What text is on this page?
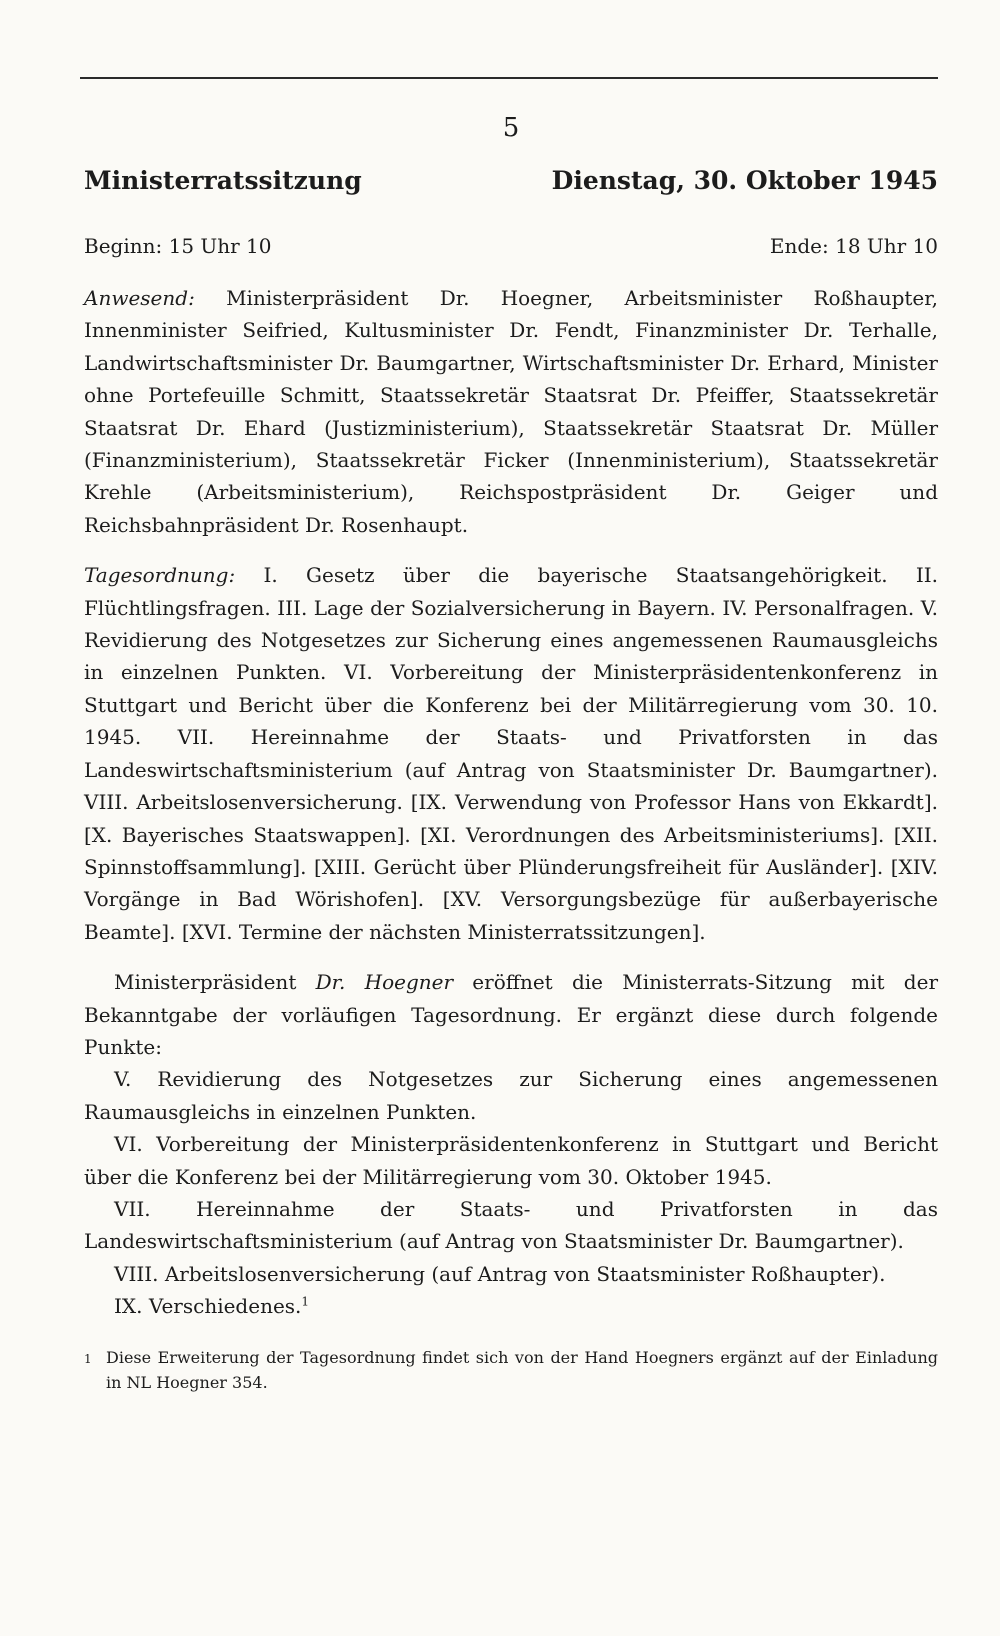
5
Ministerratssitzung	Dienstag, 30. Oktober 1945
Beginn: 15 Uhr 10	Ende: 18 Uhr 10

Anwesend: Ministerpräsident Dr. Hoegner, Arbeitsminister Roßhaupter, Innenminister Seifried, Kultusminister Dr. Fendt, Finanzminister Dr. Terhalle, Landwirtschaftsminister Dr. Baumgartner, Wirtschaftsminister Dr. Erhard, Minister ohne Portefeuille Schmitt, Staatssekretär Staatsrat Dr. Pfeiffer, Staatssekretär Staatsrat Dr. Ehard (Justizministerium), Staatssekretär Staatsrat Dr. Müller (Finanzministerium), Staatssekretär Ficker (Innenministerium), Staatssekretär Krehle (Arbeitsministerium), Reichspostpräsident Dr. Geiger und Reichsbahnpräsident Dr. Rosenhaupt.

Tagesordnung: I. Gesetz über die bayerische Staatsangehörigkeit. II. Flüchtlingsfragen. III. Lage der Sozialversicherung in Bayern. IV. Personalfragen. V. Revidierung des Notgesetzes zur Sicherung eines angemessenen Raumausgleichs in einzelnen Punkten. VI. Vorbereitung der Ministerpräsidentenkonferenz in Stuttgart und Bericht über die Konferenz bei der Militärregierung vom 30. 10. 1945. VII. Hereinnahme der Staats- und Privatforsten in das Landeswirtschaftsministerium (auf Antrag von Staatsminister Dr. Baumgartner). VIII. Arbeitslosenversicherung. [IX. Verwendung von Professor Hans von Ekkardt]. [X. Bayerisches Staatswappen]. [XI. Verordnungen des Arbeitsministeriums]. [XII. Spinnstoffsammlung]. [XIII. Gerücht über Plünderungsfreiheit für Ausländer]. [XIV. Vorgänge in Bad Wörishofen]. [XV. Versorgungsbezüge für außerbayerische Beamte]. [XVI. Termine der nächsten Ministerratssitzungen].

Ministerpräsident Dr. Hoegner eröffnet die Ministerrats-Sitzung mit der Bekanntgabe der vorläufigen Tagesordnung. Er ergänzt diese durch folgende Punkte:

V. Revidierung des Notgesetzes zur Sicherung eines angemessenen Raumausgleichs in einzelnen Punkten.

VI. Vorbereitung der Ministerpräsidentenkonferenz in Stuttgart und Bericht über die Konferenz bei der Militärregierung vom 30. Oktober 1945.

VII. Hereinnahme der Staats- und Privatforsten in das Landeswirtschaftsministerium (auf Antrag von Staatsminister Dr. Baumgartner).

VIII. Arbeitslosenversicherung (auf Antrag von Staatsminister Roßhaupter).

IX. Verschiedenes.$^1$

1 Diese Erweiterung der Tagesordnung findet sich von der Hand Hoegners ergänzt auf der Einladung in NL Hoegner 354.
